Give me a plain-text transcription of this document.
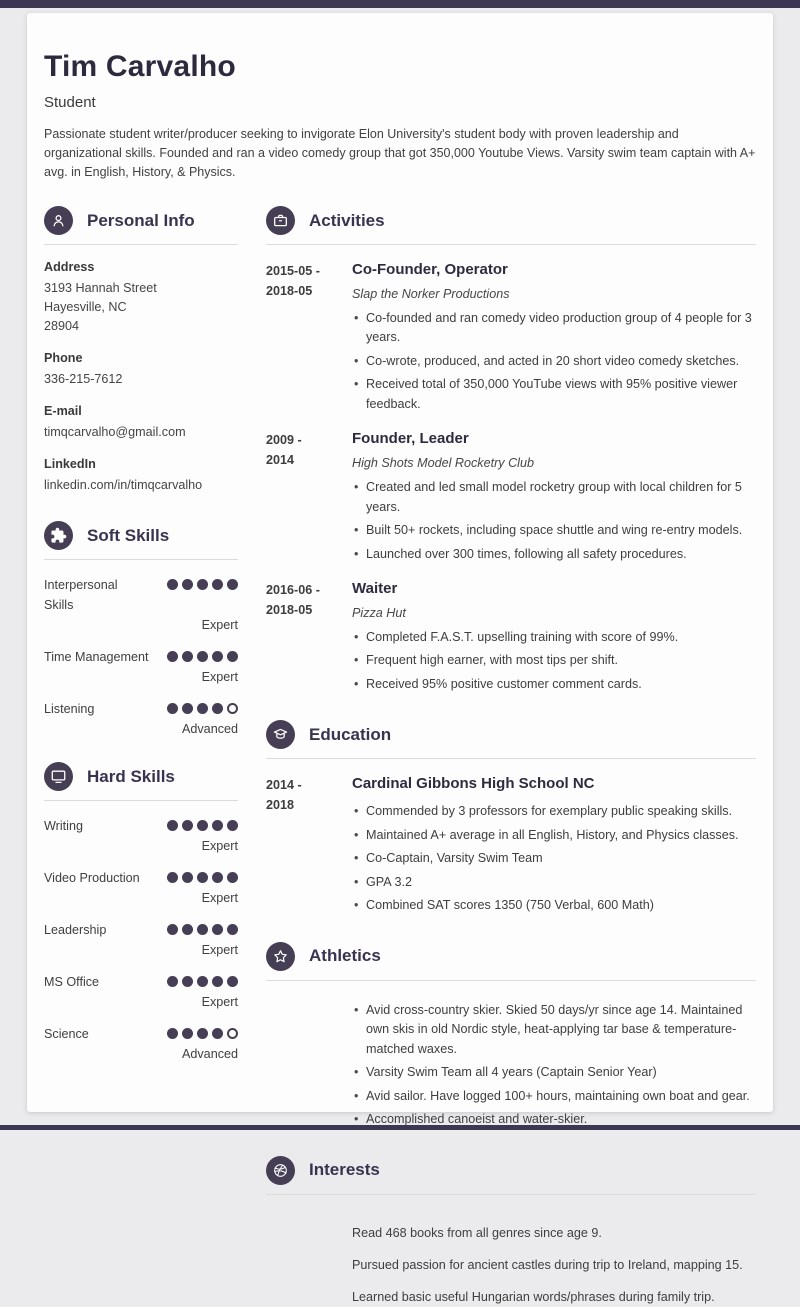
Tim Carvalho
Student
Passionate student writer/producer seeking to invigorate Elon University's student body with proven leadership and organizational skills. Founded and ran a video comedy group that got 350,000 Youtube Views. Varsity swim team captain with A+ avg. in English, History, & Physics.
Personal Info
Address
3193 Hannah Street
Hayesville, NC
28904
Phone
336-215-7612
E-mail
timqcarvalho@gmail.com
LinkedIn
linkedin.com/in/timqcarvalho
Soft Skills
Interpersonal Skills
Expert
Time Management
Expert
Listening
Advanced
Hard Skills
Writing
Expert
Video Production
Expert
Leadership
Expert
MS Office
Expert
Science
Advanced
Activities
2015-05 -
2018-05
Co-Founder, Operator
Slap the Norker Productions
• Co-founded and ran comedy video production group of 4 people for 3 years.
• Co-wrote, produced, and acted in 20 short video comedy sketches.
• Received total of 350,000 YouTube views with 95% positive viewer feedback.
2009 -
2014
Founder, Leader
High Shots Model Rocketry Club
• Created and led small model rocketry group with local children for 5 years.
• Built 50+ rockets, including space shuttle and wing re-entry models.
• Launched over 300 times, following all safety procedures.
2016-06 -
2018-05
Waiter
Pizza Hut
• Completed F.A.S.T. upselling training with score of 99%.
• Frequent high earner, with most tips per shift.
• Received 95% positive customer comment cards.
Education
2014 -
2018
Cardinal Gibbons High School NC
• Commended by 3 professors for exemplary public speaking skills.
• Maintained A+ average in all English, History, and Physics classes.
• Co-Captain, Varsity Swim Team
• GPA 3.2
• Combined SAT scores 1350 (750 Verbal, 600 Math)
Athletics
• Avid cross-country skier. Skied 50 days/yr since age 14. Maintained own skis in old Nordic style, heat-applying tar base & temperature-matched waxes.
• Varsity Swim Team all 4 years (Captain Senior Year)
• Avid sailor. Have logged 100+ hours, maintaining own boat and gear.
• Accomplished canoeist and water-skier.
Interests

Read 468 books from all genres since age 9.

Pursued passion for ancient castles during trip to Ireland, mapping 15.

Learned basic useful Hungarian words/phrases during family trip.
